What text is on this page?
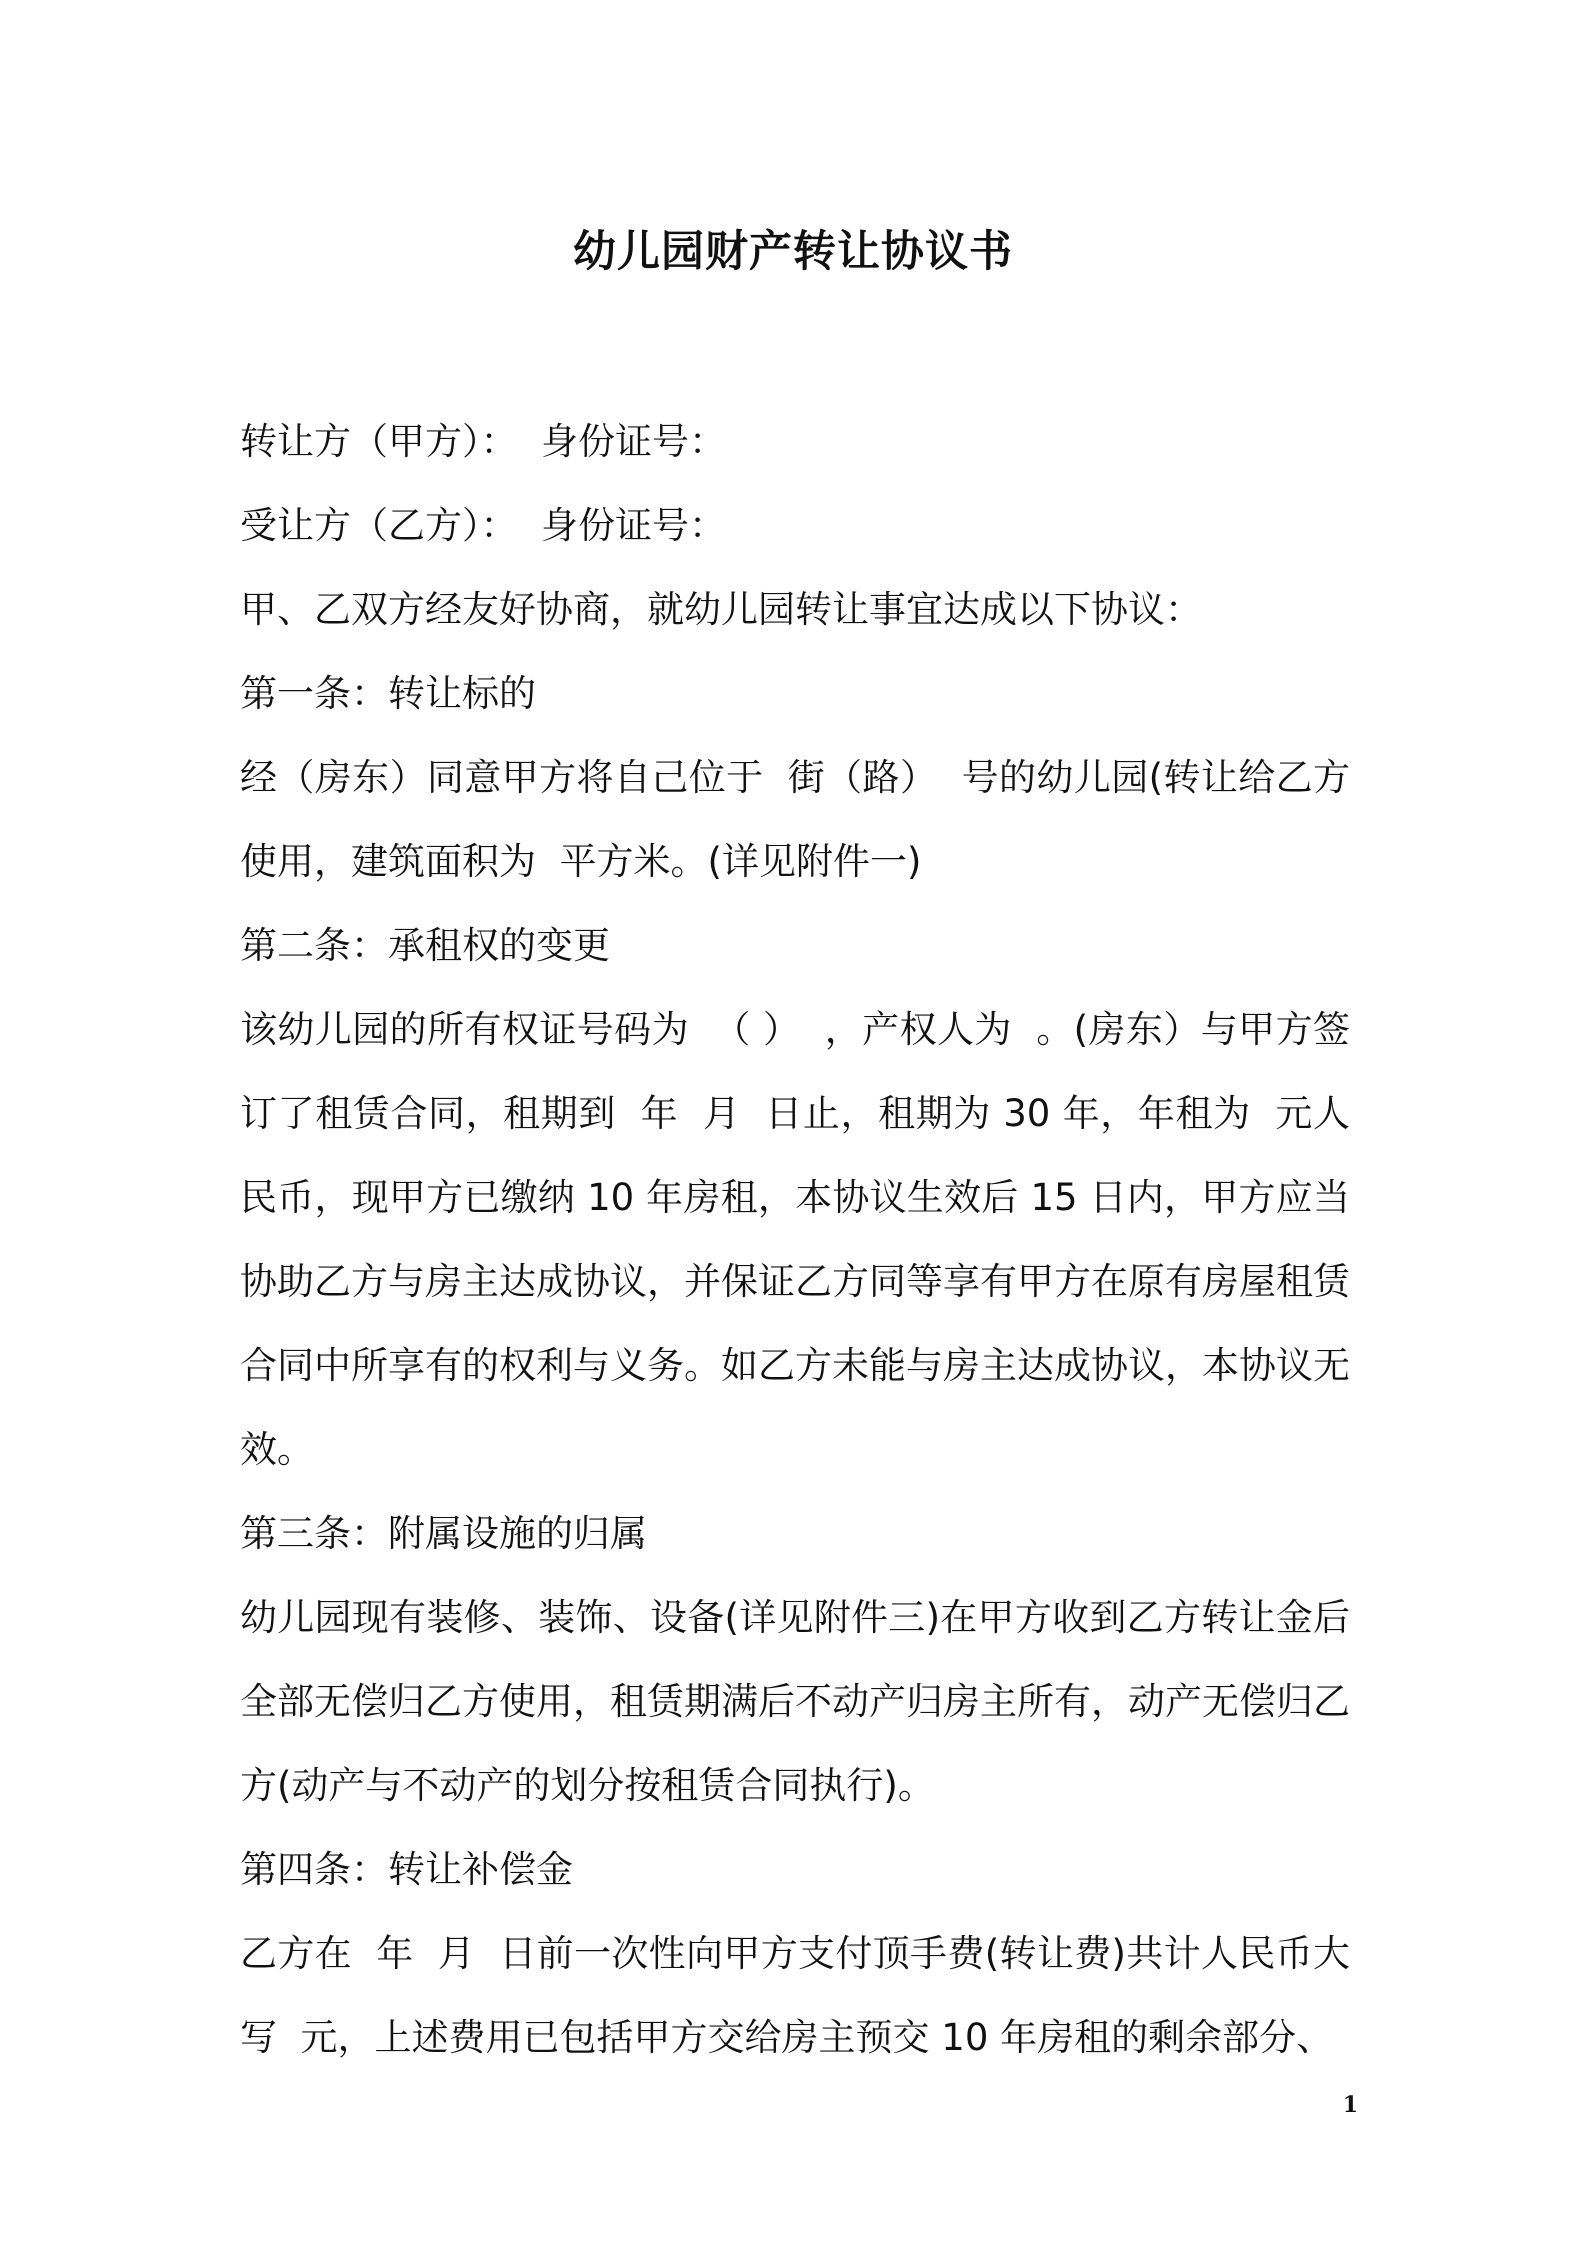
幼儿园财产转让协议书

转让方（甲方）：  身份证号：

受让方（乙方）：  身份证号：

甲、乙双方经友好协商，就幼儿园转让事宜达成以下协议：

第一条：转让标的

经（房东）同意甲方将自己位于  街（路）  号的幼儿园(转让给乙方使用，建筑面积为  平方米。(详见附件一)

第二条：承租权的变更

该幼儿园的所有权证号码为  （ ）  ，产权人为  。(房东）与甲方签订了租赁合同，租期到  年  月  日止，租期为 30 年，年租为  元人民币，现甲方已缴纳 10 年房租，本协议生效后 15 日内，甲方应当协助乙方与房主达成协议，并保证乙方同等享有甲方在原有房屋租赁合同中所享有的权利与义务。如乙方未能与房主达成协议，本协议无效。

第三条：附属设施的归属

幼儿园现有装修、装饰、设备(详见附件三)在甲方收到乙方转让金后全部无偿归乙方使用，租赁期满后不动产归房主所有，动产无偿归乙方(动产与不动产的划分按租赁合同执行)。

第四条：转让补偿金

乙方在  年  月  日前一次性向甲方支付顶手费(转让费)共计人民币大写  元，上述费用已包括甲方交给房主预交 10 年房租的剩余部分、

1
